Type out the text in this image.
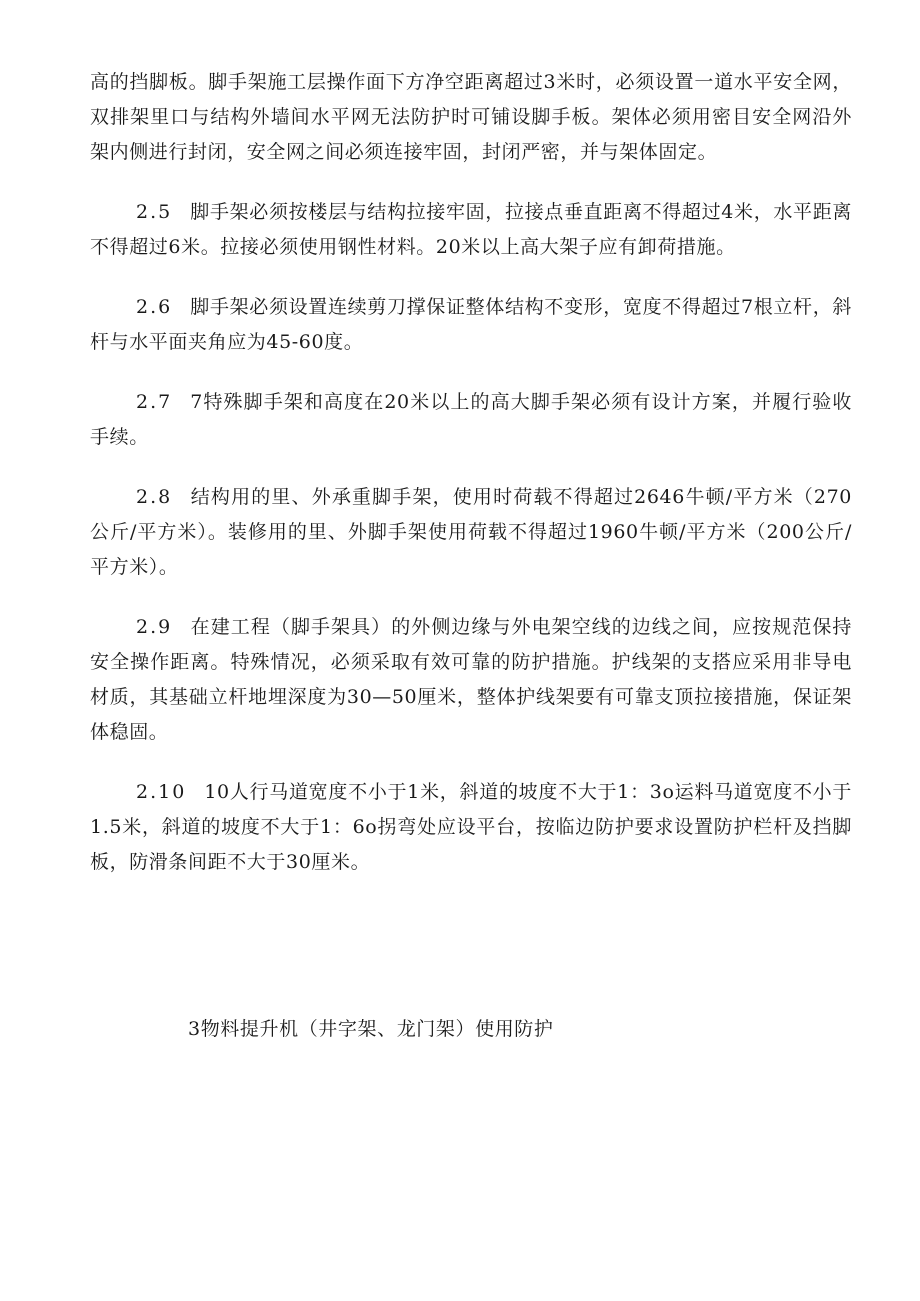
高的挡脚板。脚手架施工层操作面下方净空距离超过3米时，必须设置一道水平安全网，双排架里口与结构外墙间水平网无法防护时可铺设脚手板。架体必须用密目安全网沿外架内侧进行封闭，安全网之间必须连接牢固，封闭严密，并与架体固定。

2.5 脚手架必须按楼层与结构拉接牢固，拉接点垂直距离不得超过4米，水平距离不得超过6米。拉接必须使用钢性材料。20米以上高大架子应有卸荷措施。

2.6 脚手架必须设置连续剪刀撑保证整体结构不变形，宽度不得超过7根立杆，斜杆与水平面夹角应为45-60度。

2.7 7特殊脚手架和高度在20米以上的高大脚手架必须有设计方案，并履行验收手续。

2.8 结构用的里、外承重脚手架，使用时荷载不得超过2646牛顿/平方米（270公斤/平方米）。装修用的里、外脚手架使用荷载不得超过1960牛顿/平方米（200公斤/平方米）。

2.9 在建工程（脚手架具）的外侧边缘与外电架空线的边线之间，应按规范保持安全操作距离。特殊情况，必须采取有效可靠的防护措施。护线架的支搭应采用非导电材质，其基础立杆地埋深度为30—50厘米，整体护线架要有可靠支顶拉接措施，保证架体稳固。

2.10 10人行马道宽度不小于1米，斜道的坡度不大于1：3o运料马道宽度不小于1.5米，斜道的坡度不大于1：6o拐弯处应设平台，按临边防护要求设置防护栏杆及挡脚板，防滑条间距不大于30厘米。

3物料提升机（井字架、龙门架）使用防护
